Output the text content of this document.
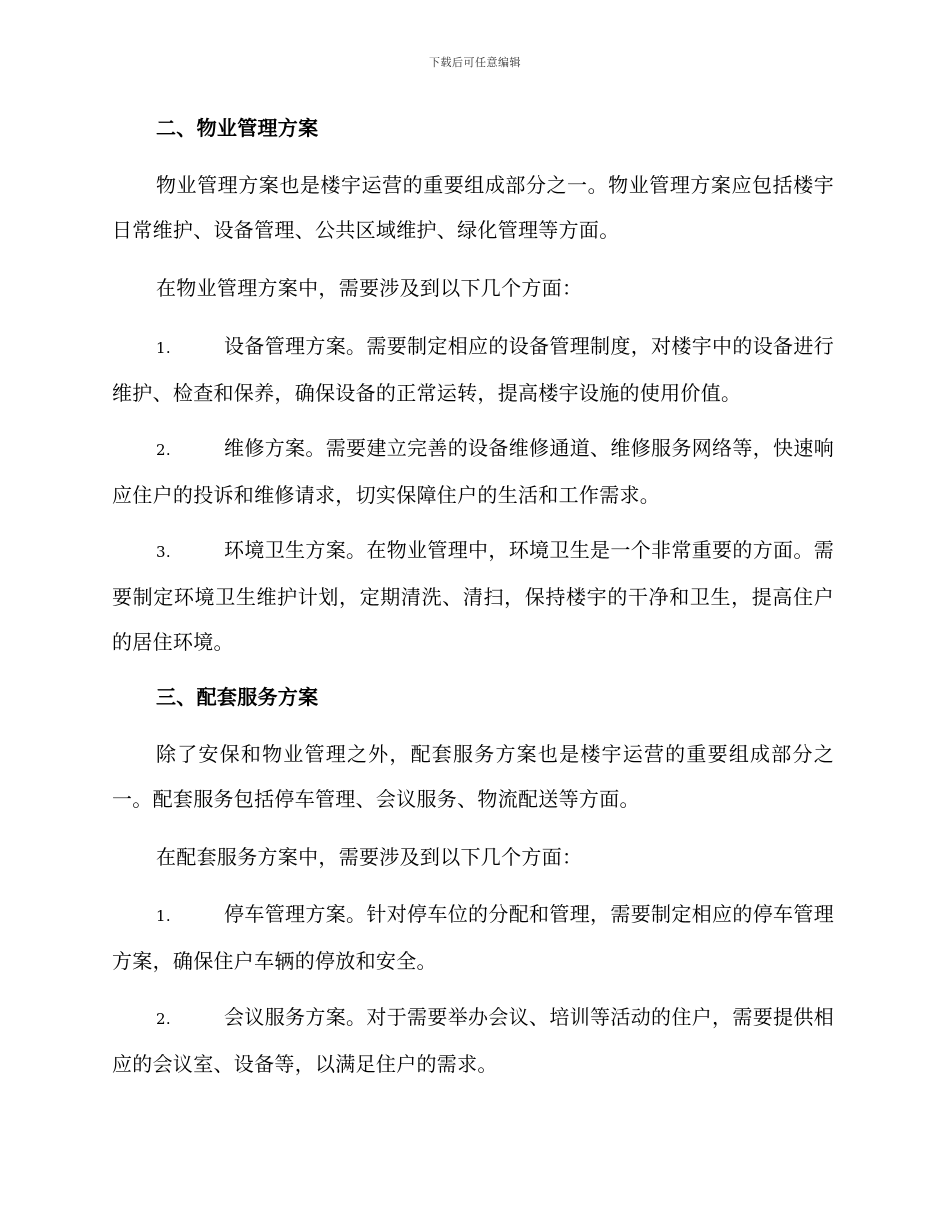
下载后可任意编辑
二、物业管理方案
物业管理方案也是楼宇运营的重要组成部分之一。物业管理方案应包括楼宇日常维护、设备管理、公共区域维护、绿化管理等方面。
在物业管理方案中，需要涉及到以下几个方面：
1.	设备管理方案。需要制定相应的设备管理制度，对楼宇中的设备进行维护、检查和保养，确保设备的正常运转，提高楼宇设施的使用价值。
2.	维修方案。需要建立完善的设备维修通道、维修服务网络等，快速响应住户的投诉和维修请求，切实保障住户的生活和工作需求。
3.	环境卫生方案。在物业管理中，环境卫生是一个非常重要的方面。需要制定环境卫生维护计划，定期清洗、清扫，保持楼宇的干净和卫生，提高住户的居住环境。
三、配套服务方案
除了安保和物业管理之外，配套服务方案也是楼宇运营的重要组成部分之一。配套服务包括停车管理、会议服务、物流配送等方面。
在配套服务方案中，需要涉及到以下几个方面：
1.	停车管理方案。针对停车位的分配和管理，需要制定相应的停车管理方案，确保住户车辆的停放和安全。
2.	会议服务方案。对于需要举办会议、培训等活动的住户，需要提供相应的会议室、设备等，以满足住户的需求。
